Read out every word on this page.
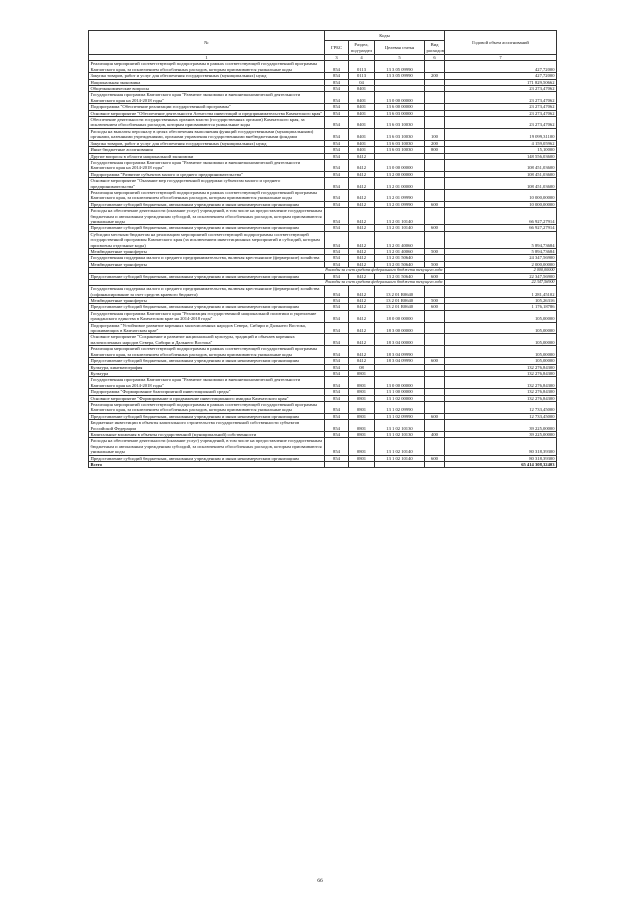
№	Коды				Годовой объем ассигнований
	ГРБС	Раздел, под-раздел	Целевая статья	Вид расходов	
1	3	4	5	6	7
Реализация мероприятий соответствующей подпрограммы в рамках соответствующей государственной программы Камчатского края, за исключением обособленных расходов, которым присваиваются уникальные коды	854	0113	13 3 05 09990		427,72000
Закупка товаров, работ и услуг для обеспечения государственных (муниципальных) нужд	854	0113	13 3 05 09990	200	427,72000
Национальная экономика	854	04			171 829,50662
Общеэкономические вопросы	854	0401			23 273,47062
Государственная программа Камчатского края "Развитие экономики и внешнеэкономической деятельности Камчатского края на 2014-2018 годы"	854	0401	13 0 00 00000		23 273,47062
Подпрограмма "Обеспечение реализации государственной программы"	854	0401	13 6 00 00000		23 273,47062
Основное мероприятие "Обеспечение деятельности Агентства инвестиций и предпринимательства Камчатского края"	854	0401	13 6 03 00000		23 273,47062
Обеспечение деятельности государственных органов власти (государственных органов) Камчатского края, за исключением обособленных расходов, которым присваиваются уникальные коды	854	0401	13 6 03 10030		23 273,47062
Расходы на выплаты персоналу в целях обеспечения выполнения функций государственными (муниципальными) органами, казенными учреждениями, органами управления государственными внебюджетными фондами	854	0401	13 6 03 10030	100	19 099,31100
Закупка товаров, работ и услуг для обеспечения государственных (муниципальных) нужд	854	0401	13 6 03 10030	200	4 159,05962
Иные бюджетные ассигнования	854	0401	13 6 03 10030	800	15,10000
Другие вопросы в области национальной экономики	854	0412			148 556,03600
Государственная программа Камчатского края "Развитие экономики и внешнеэкономической деятельности Камчатского края на 2014-2018 годы"	854	0412	13 0 00 00000		108 451,03600
Подпрограмма "Развитие субъектов малого и среднего предпринимательства"	854	0412	13 2 00 00000		108 451,03600
Основное мероприятие "Оказание мер государственной поддержки субъектам малого и среднего предпринимательства"	854	0412	13 2 01 00000		108 451,03600
Реализация мероприятий соответствующей подпрограммы в рамках соответствующей государственной программы Камчатского края, за исключением обособленных расходов, которым присваиваются уникальные коды	854	0412	13 2 01 09990		10 000,00000
Предоставление субсидий бюджетным, автономным учреждениям и иным некоммерческим организациям	854	0412	13 2 01 09990	600	10 000,00000
Расходы на обеспечение деятельности (оказание услуг) учреждений, в том числе на предоставление государственным бюджетным и автономным учреждениям субсидий, за исключением обособленных расходов, которым присваиваются уникальные коды	854	0412	13 2 01 10140		66 927,27914
Предоставление субсидий бюджетным, автономным учреждениям и иным некоммерческим организациям	854	0412	13 2 01 10140	600	66 927,27914
Субсидии местным бюджетам на реализацию мероприятий соответствующей подпрограммы соответствующей государственной программы Камчатского края (за исключением инвестиционных мероприятий и субсидий, которым присвоены отдельные коды)	854	0412	13 2 01 40060		5 894,73684
Межбюджетные трансферты	854	0412	13 2 01 40060	500	5 894,73684
Государственная поддержка малого и среднего предпринимательства, включая крестьянские (фермерские) хозяйства	854	0412	13 2 01 50640		24 347,56900
Межбюджетные трансферты	854	0412	13 2 01 50640	500	2 000,00000
Расходы за счет средств федерального бюджета текущего года					2 000,00000
Предоставление субсидий бюджетным, автономным учреждениям и иным некоммерческим организациям	854	0412	13 2 01 50640	600	22 347,56900
Расходы за счет средств федерального бюджета текущего года					22 347,56900
Государственная поддержка малого и среднего предпринимательства, включая крестьянские (фермерские) хозяйства (софинансирование за счет средств краевого бюджета)	854	0412	13 2 01 R0640		1 281,45102
Межбюджетные трансферты	854	0412	13 2 01 R0640	500	105,26316
Предоставление субсидий бюджетным, автономным учреждениям и иным некоммерческим организациям	854	0412	13 2 01 R0640	600	1 176,18786
Государственная программа Камчатского края "Реализация государственной национальной политики и укрепление гражданского единства в Камчатском крае на 2014-2018 годы"	854	0412	18 0 00 00000		105,00000
Подпрограмма "Устойчивое развитие коренных малочисленных народов Севера, Сибири и Дальнего Востока, проживающих в Камчатском крае"	854	0412	18 3 00 00000		105,00000
Основное мероприятие "Сохранение и развитие национальной культуры, традиций и обычаев коренных малочисленных народов Севера, Сибири и Дальнего Востока"	854	0412	18 3 04 00000		105,00000
Реализация мероприятий соответствующей подпрограммы в рамках соответствующей государственной программы Камчатского края, за исключением обособленных расходов, которым присваиваются уникальные коды	854	0412	18 3 04 09990		105,00000
Предоставление субсидий бюджетным, автономным учреждениям и иным некоммерческим организациям	854	0412	18 3 04 09990	600	105,00000
Культура, кинематография	854	08			132 276,84300
Культура	854	0801			132 276,84300
Государственная программа Камчатского края "Развитие экономики и внешнеэкономической деятельности Камчатского края на 2014-2018 годы"	854	0801	13 0 00 00000		132 276,84300
Подпрограмма "Формирование благоприятной инвестиционной среды"	854	0801	13 1 00 00000		132 276,84300
Основное мероприятие "Формирование и продвижение инвестиционного имиджа Камчатского края"	854	0801	13 1 02 00000		132 276,84300
Реализация мероприятий соответствующей подпрограммы в рамках соответствующей государственной программы Камчатского края, за исключением обособленных расходов, которым присваиваются уникальные коды	854	0801	13 1 02 09990		12 733,45000
Предоставление субсидий бюджетным, автономным учреждениям и иным некоммерческим организациям	854	0801	13 1 02 09990	600	12 733,45000
Бюджетные инвестиции в объекты капитального строительства государственной собственности субъектов Российской Федерации	854	0801	13 1 02 10130		39 225,00000
Капитальные вложения в объекты государственной (муниципальной) собственности	854	0801	13 1 02 10130	400	39 225,00000
Расходы на обеспечение деятельности (оказание услуг) учреждений, в том числе на предоставление государственным бюджетным и автономным учреждениям субсидий, за исключением обособленных расходов, которым присваиваются уникальные коды	854	0801	13 1 02 10140		80 318,39300
Предоставление субсидий бюджетным, автономным учреждениям и иным некоммерческим организациям	854	0801	13 1 02 10140	600	80 318,39300
Всего					65 414 308,32403
66
